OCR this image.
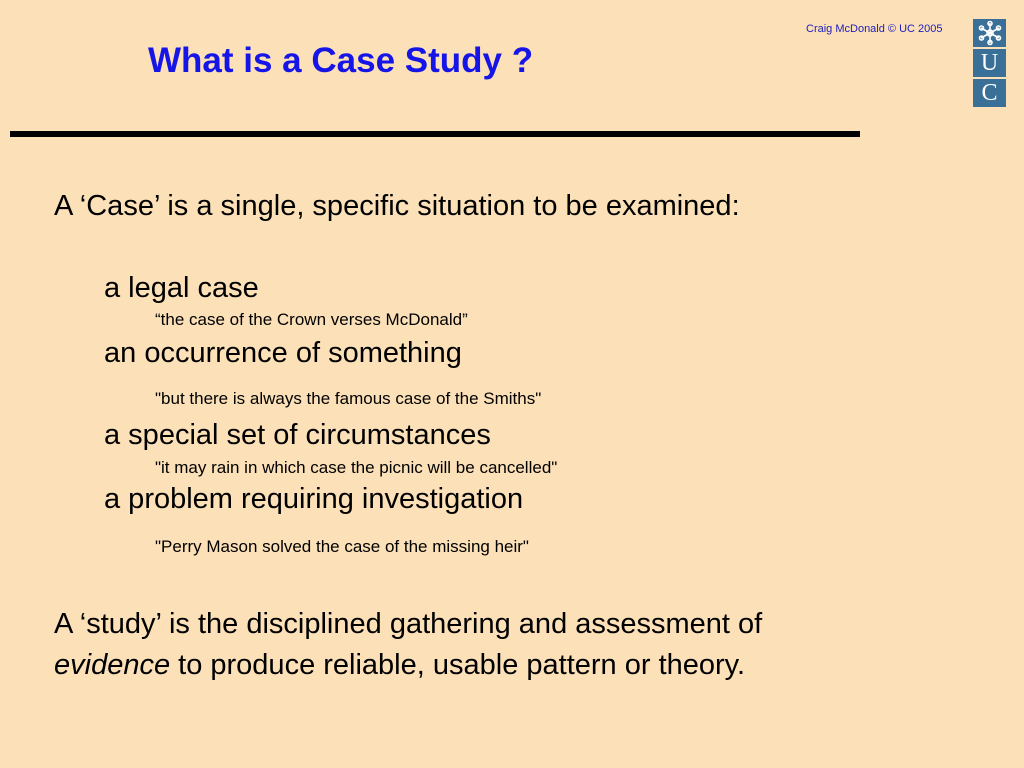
Craig McDonald © UC 2005
What is a Case Study ?	U
C
A ‘Case’ is a single, specific situation to be examined:
a legal case
“the case of the Crown verses McDonald”
an occurrence of something
"but there is always the famous case of the Smiths"
a special set of circumstances
"it may rain in which case the picnic will be cancelled"
a problem requiring investigation
"Perry Mason solved the case of the missing heir"
A ‘study’ is the disciplined gathering and assessment of
evidence to produce reliable, usable pattern or theory.
